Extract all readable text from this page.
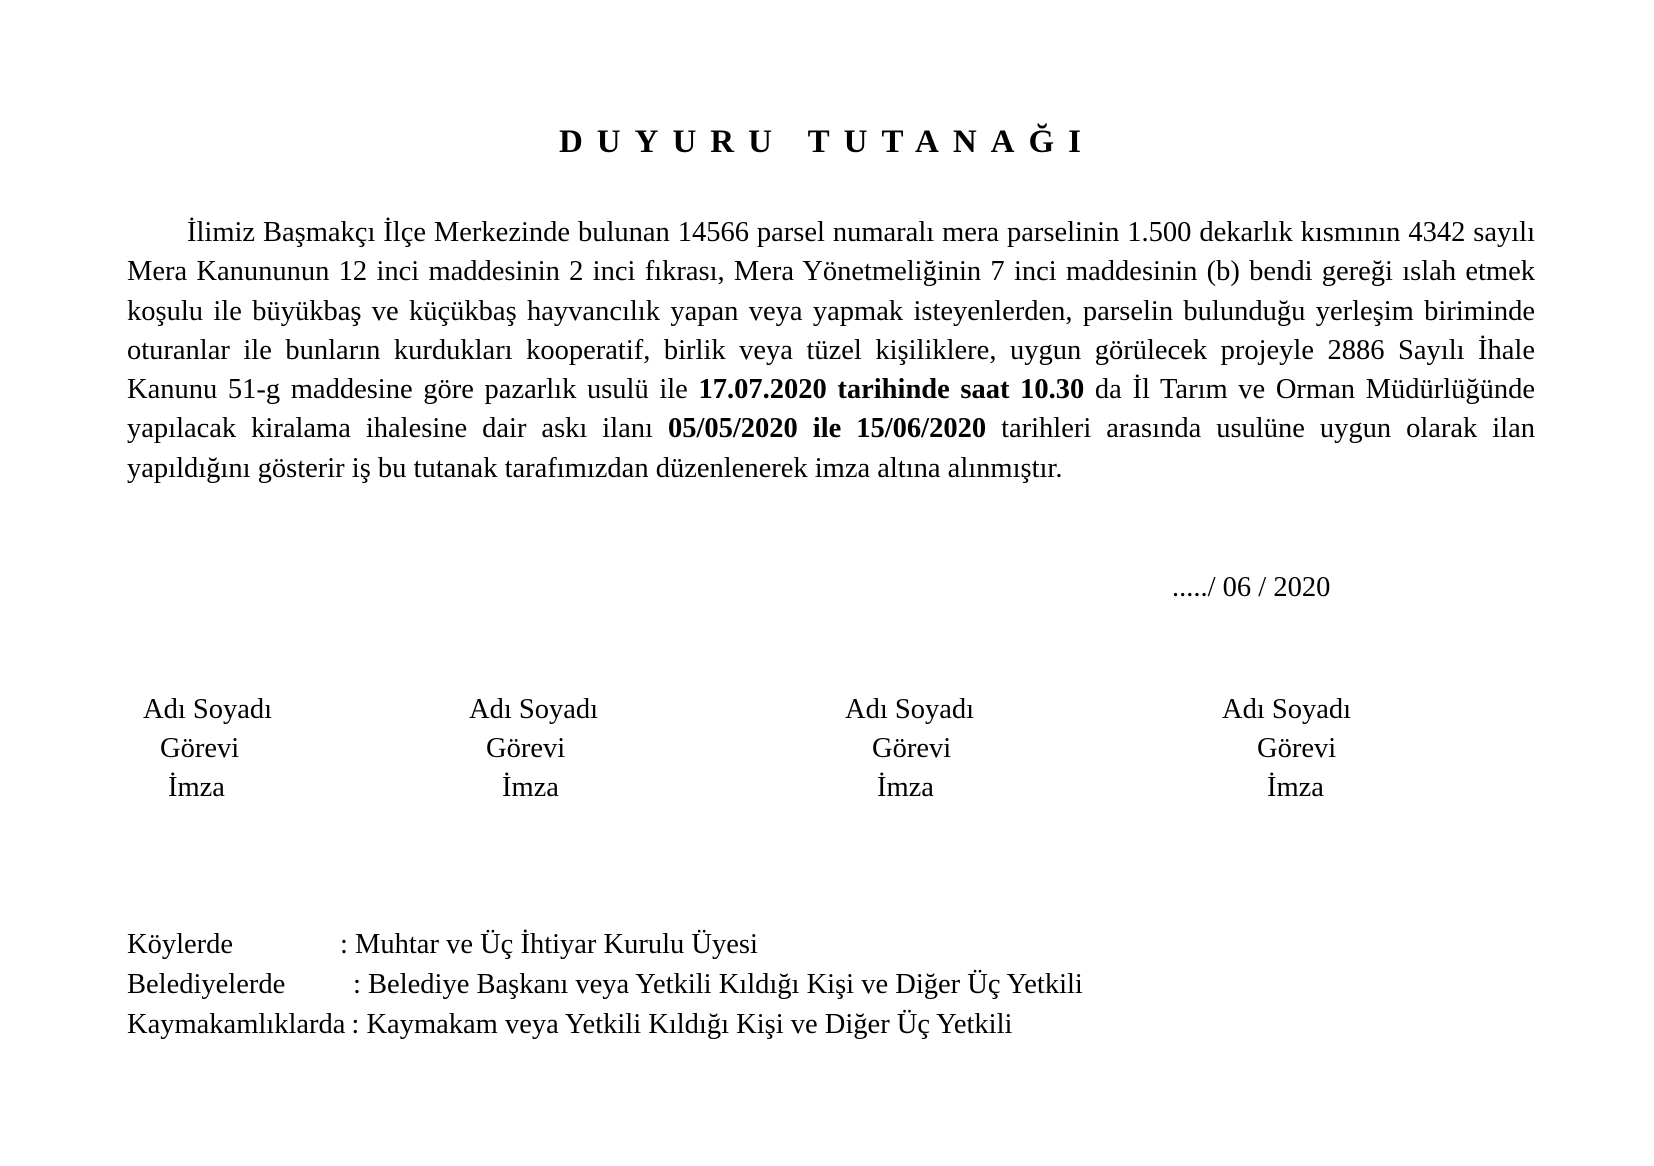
DUYURU TUTANAĞI

İlimiz Başmakçı İlçe Merkezinde bulunan 14566 parsel numaralı mera parselinin 1.500 dekarlık kısmının 4342 sayılı Mera Kanununun 12 inci maddesinin 2 inci fıkrası, Mera Yönetmeliğinin 7 inci maddesinin (b) bendi gereği ıslah etmek koşulu ile büyükbaş ve küçükbaş hayvancılık yapan veya yapmak isteyenlerden, parselin bulunduğu yerleşim biriminde oturanlar ile bunların kurdukları kooperatif, birlik veya tüzel kişiliklere, uygun görülecek projeyle 2886 Sayılı İhale Kanunu 51-g maddesine göre pazarlık usulü ile 17.07.2020 tarihinde saat 10.30 da İl Tarım ve Orman Müdürlüğünde yapılacak kiralama ihalesine dair askı ilanı 05/05/2020 ile 15/06/2020 tarihleri arasında usulüne uygun olarak ilan yapıldığını gösterir iş bu tutanak tarafımızdan düzenlenerek imza altına alınmıştır.

...../ 06 / 2020

Adı Soyadı
Görevi
İmza
Adı Soyadı
Görevi
İmza
Adı Soyadı
Görevi
İmza
Adı Soyadı
Görevi
İmza
Köylerde	: Muhtar ve Üç İhtiyar Kurulu Üyesi
Belediyelerde : Belediye Başkanı veya Yetkili Kıldığı Kişi ve Diğer Üç Yetkili
Kaymakamlıklarda : Kaymakam veya Yetkili Kıldığı Kişi ve Diğer Üç Yetkili
